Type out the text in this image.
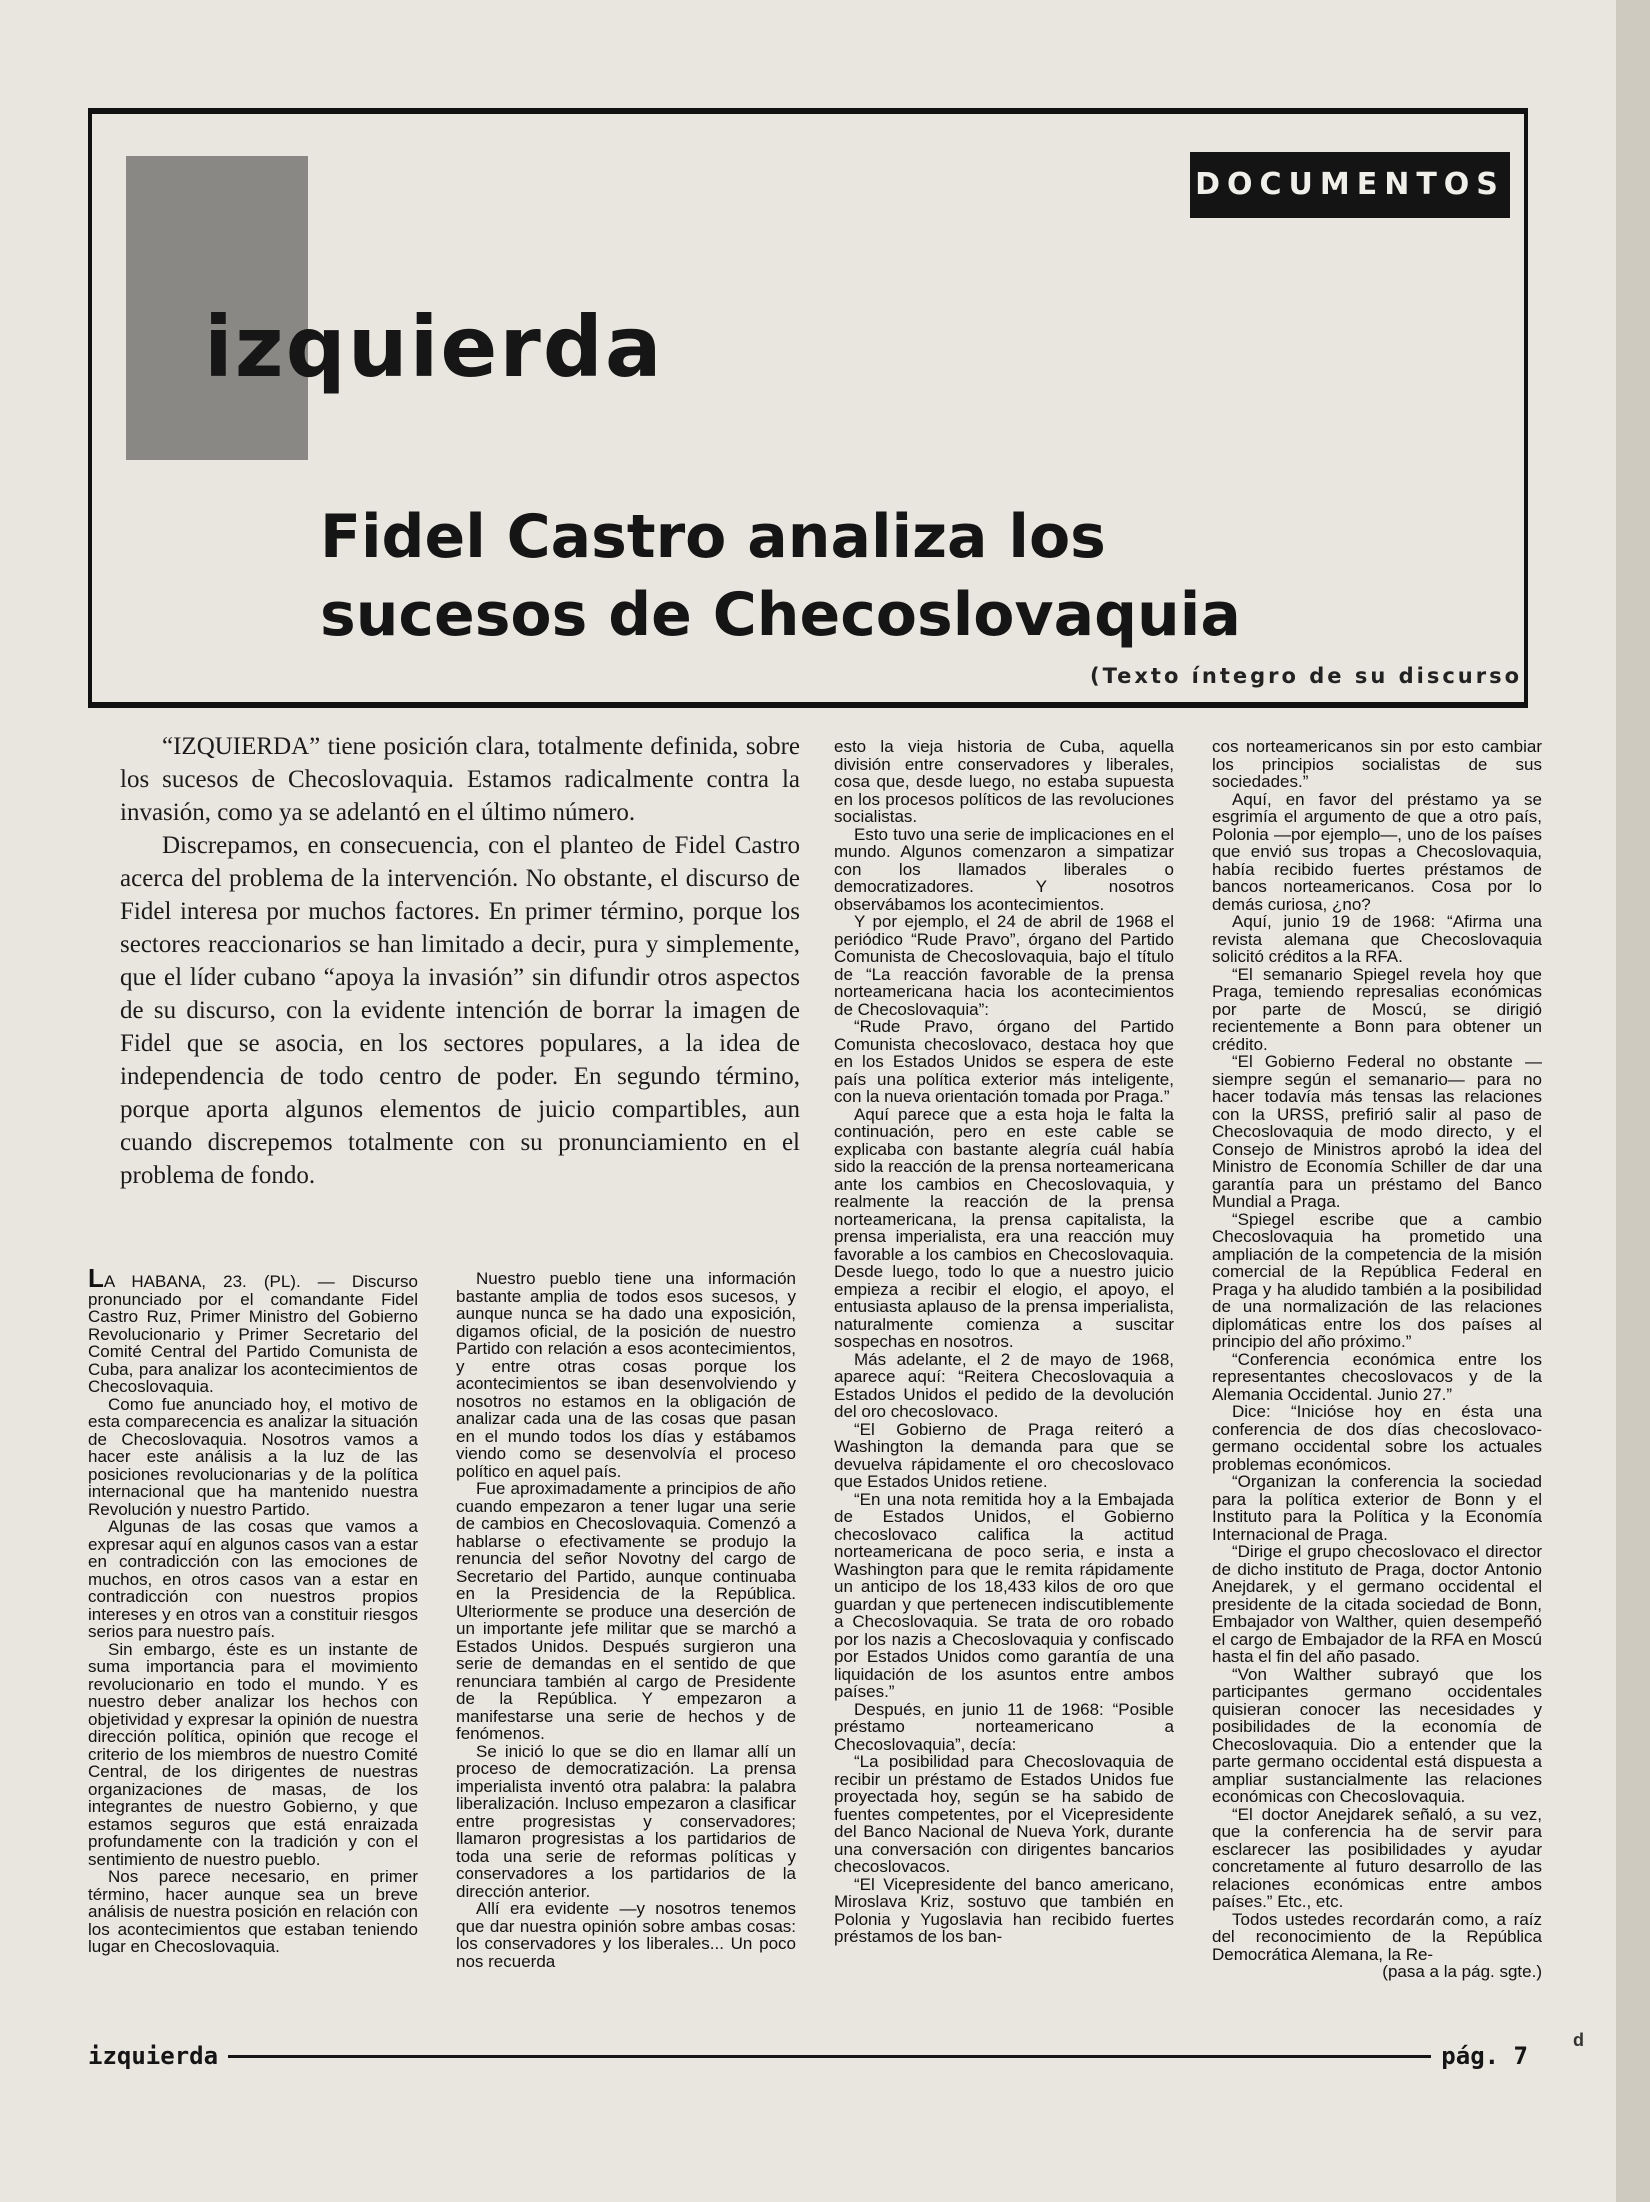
d
izquierda
DOCUMENTOS
Fidel Castro analiza los
sucesos de Checoslovaquia

(Texto íntegro de su discurso

“IZQUIERDA” tiene posición clara, totalmente definida, sobre los sucesos de Checoslovaquia. Estamos radicalmente contra la invasión, como ya se adelantó en el último número.

Discrepamos, en consecuencia, con el planteo de Fidel Castro acerca del problema de la intervención. No obstante, el discurso de Fidel interesa por muchos factores. En primer término, porque los sectores reaccionarios se han limitado a decir, pura y simplemente, que el líder cubano “apoya la invasión” sin difundir otros aspectos de su discurso, con la evidente intención de borrar la imagen de Fidel que se asocia, en los sectores populares, a la idea de independencia de todo centro de poder. En segundo término, porque aporta algunos elementos de juicio compartibles, aun cuando discrepemos totalmente con su pronunciamiento en el problema de fondo.

LA HABANA, 23. (PL). — Discurso pronunciado por el comandante Fidel Castro Ruz, Primer Ministro del Gobierno Revolucionario y Primer Secretario del Comité Central del Partido Comunista de Cuba, para analizar los acontecimientos de Checoslovaquia.

Como fue anunciado hoy, el motivo de esta comparecencia es analizar la situación de Checoslovaquia. Nosotros vamos a hacer este análisis a la luz de las posiciones revolucionarias y de la política internacional que ha mantenido nuestra Revolución y nuestro Partido.

Algunas de las cosas que vamos a expresar aquí en algunos casos van a estar en contradicción con las emociones de muchos, en otros casos van a estar en contradicción con nuestros propios intereses y en otros van a constituir riesgos serios para nuestro país.

Sin embargo, éste es un instante de suma importancia para el movimiento revolucionario en todo el mundo. Y es nuestro deber analizar los hechos con objetividad y expresar la opinión de nuestra dirección política, opinión que recoge el criterio de los miembros de nuestro Comité Central, de los dirigentes de nuestras organizaciones de masas, de los integrantes de nuestro Gobierno, y que estamos seguros que está enraizada profundamente con la tradición y con el sentimiento de nuestro pueblo.

Nos parece necesario, en primer término, hacer aunque sea un breve análisis de nuestra posición en relación con los acontecimientos que estaban teniendo lugar en Checoslovaquia.

Nuestro pueblo tiene una información bastante amplia de todos esos sucesos, y aunque nunca se ha dado una exposición, digamos oficial, de la posición de nuestro Partido con relación a esos acontecimientos, y entre otras cosas porque los acontecimientos se iban desenvolviendo y nosotros no estamos en la obligación de analizar cada una de las cosas que pasan en el mundo todos los días y estábamos viendo como se desenvolvía el proceso político en aquel país.

Fue aproximadamente a principios de año cuando empezaron a tener lugar una serie de cambios en Checoslovaquia. Comenzó a hablarse o efectivamente se produjo la renuncia del señor Novotny del cargo de Secretario del Partido, aunque continuaba en la Presidencia de la República. Ulteriormente se produce una deserción de un importante jefe militar que se marchó a Estados Unidos. Después surgieron una serie de demandas en el sentido de que renunciara también al cargo de Presidente de la República. Y empezaron a manifestarse una serie de hechos y de fenómenos.

Se inició lo que se dio en llamar allí un proceso de democratización. La prensa imperialista inventó otra palabra: la palabra liberalización. Incluso empezaron a clasificar entre progresistas y conservadores; llamaron progresistas a los partidarios de toda una serie de reformas políticas y conservadores a los partidarios de la dirección anterior.

Allí era evidente —y nosotros tenemos que dar nuestra opinión sobre ambas cosas: los conservadores y los liberales... Un poco nos recuerda

esto la vieja historia de Cuba, aquella división entre conservadores y liberales, cosa que, desde luego, no estaba supuesta en los procesos políticos de las revoluciones socialistas.

Esto tuvo una serie de implicaciones en el mundo. Algunos comenzaron a simpatizar con los llamados liberales o democratizadores. Y nosotros observábamos los acontecimientos.

Y por ejemplo, el 24 de abril de 1968 el periódico “Rude Pravo”, órgano del Partido Comunista de Checoslovaquia, bajo el título de “La reacción favorable de la prensa norteamericana hacia los acontecimientos de Checoslovaquia”:

“Rude Pravo, órgano del Partido Comunista checoslovaco, destaca hoy que en los Estados Unidos se espera de este país una política exterior más inteligente, con la nueva orientación tomada por Praga.”

Aquí parece que a esta hoja le falta la continuación, pero en este cable se explicaba con bastante alegría cuál había sido la reacción de la prensa norteamericana ante los cambios en Checoslovaquia, y realmente la reacción de la prensa norteamericana, la prensa capitalista, la prensa imperialista, era una reacción muy favorable a los cambios en Checoslovaquia. Desde luego, todo lo que a nuestro juicio empieza a recibir el elogio, el apoyo, el entusiasta aplauso de la prensa imperialista, naturalmente comienza a suscitar sospechas en nosotros.

Más adelante, el 2 de mayo de 1968, aparece aquí: “Reitera Checoslovaquia a Estados Unidos el pedido de la devolución del oro checoslovaco.

“El Gobierno de Praga reiteró a Washington la demanda para que se devuelva rápidamente el oro checoslovaco que Estados Unidos retiene.

“En una nota remitida hoy a la Embajada de Estados Unidos, el Gobierno checoslovaco califica la actitud norteamericana de poco seria, e insta a Washington para que le remita rápidamente un anticipo de los 18,433 kilos de oro que guardan y que pertenecen indiscutiblemente a Checoslovaquia. Se trata de oro robado por los nazis a Checoslovaquia y confiscado por Estados Unidos como garantía de una liquidación de los asuntos entre ambos países.”

Después, en junio 11 de 1968: “Posible préstamo norteamericano a Checoslovaquia”, decía:

“La posibilidad para Checoslovaquia de recibir un préstamo de Estados Unidos fue proyectada hoy, según se ha sabido de fuentes competentes, por el Vicepresidente del Banco Nacional de Nueva York, durante una conversación con dirigentes bancarios checoslovacos.

“El Vicepresidente del banco americano, Miroslava Kriz, sostuvo que también en Polonia y Yugoslavia han recibido fuertes préstamos de los ban-

cos norteamericanos sin por esto cambiar los principios socialistas de sus sociedades.”

Aquí, en favor del préstamo ya se esgrimía el argumento de que a otro país, Polonia —por ejemplo—, uno de los países que envió sus tropas a Checoslovaquia, había recibido fuertes préstamos de bancos norteamericanos. Cosa por lo demás curiosa, ¿no?

Aquí, junio 19 de 1968: “Afirma una revista alemana que Checoslovaquia solicitó créditos a la RFA.

“El semanario Spiegel revela hoy que Praga, temiendo represalias económicas por parte de Moscú, se dirigió recientemente a Bonn para obtener un crédito.

“El Gobierno Federal no obstante —siempre según el semanario— para no hacer todavía más tensas las relaciones con la URSS, prefirió salir al paso de Checoslovaquia de modo directo, y el Consejo de Ministros aprobó la idea del Ministro de Economía Schiller de dar una garantía para un préstamo del Banco Mundial a Praga.

“Spiegel escribe que a cambio Checoslovaquia ha prometido una ampliación de la competencia de la misión comercial de la República Federal en Praga y ha aludido también a la posibilidad de una normalización de las relaciones diplomáticas entre los dos países al principio del año próximo.”

“Conferencia económica entre los representantes checoslovacos y de la Alemania Occidental. Junio 27.”

Dice: “Inicióse hoy en ésta una conferencia de dos días checoslovaco-germano occidental sobre los actuales problemas económicos.

“Organizan la conferencia la sociedad para la política exterior de Bonn y el Instituto para la Política y la Economía Internacional de Praga.

“Dirige el grupo checoslovaco el director de dicho instituto de Praga, doctor Antonio Anejdarek, y el germano occidental el presidente de la citada sociedad de Bonn, Embajador von Walther, quien desempeñó el cargo de Embajador de la RFA en Moscú hasta el fin del año pasado.

“Von Walther subrayó que los participantes germano occidentales quisieran conocer las necesidades y posibilidades de la economía de Checoslovaquia. Dio a entender que la parte germano occidental está dispuesta a ampliar sustancialmente las relaciones económicas con Checoslovaquia.

“El doctor Anejdarek señaló, a su vez, que la conferencia ha de servir para esclarecer las posibilidades y ayudar concretamente al futuro desarrollo de las relaciones económicas entre ambos países.” Etc., etc.

Todos ustedes recordarán como, a raíz del reconocimiento de la República Democrática Alemana, la Re-

(pasa a la pág. sgte.)

izquierda	pág. 7
